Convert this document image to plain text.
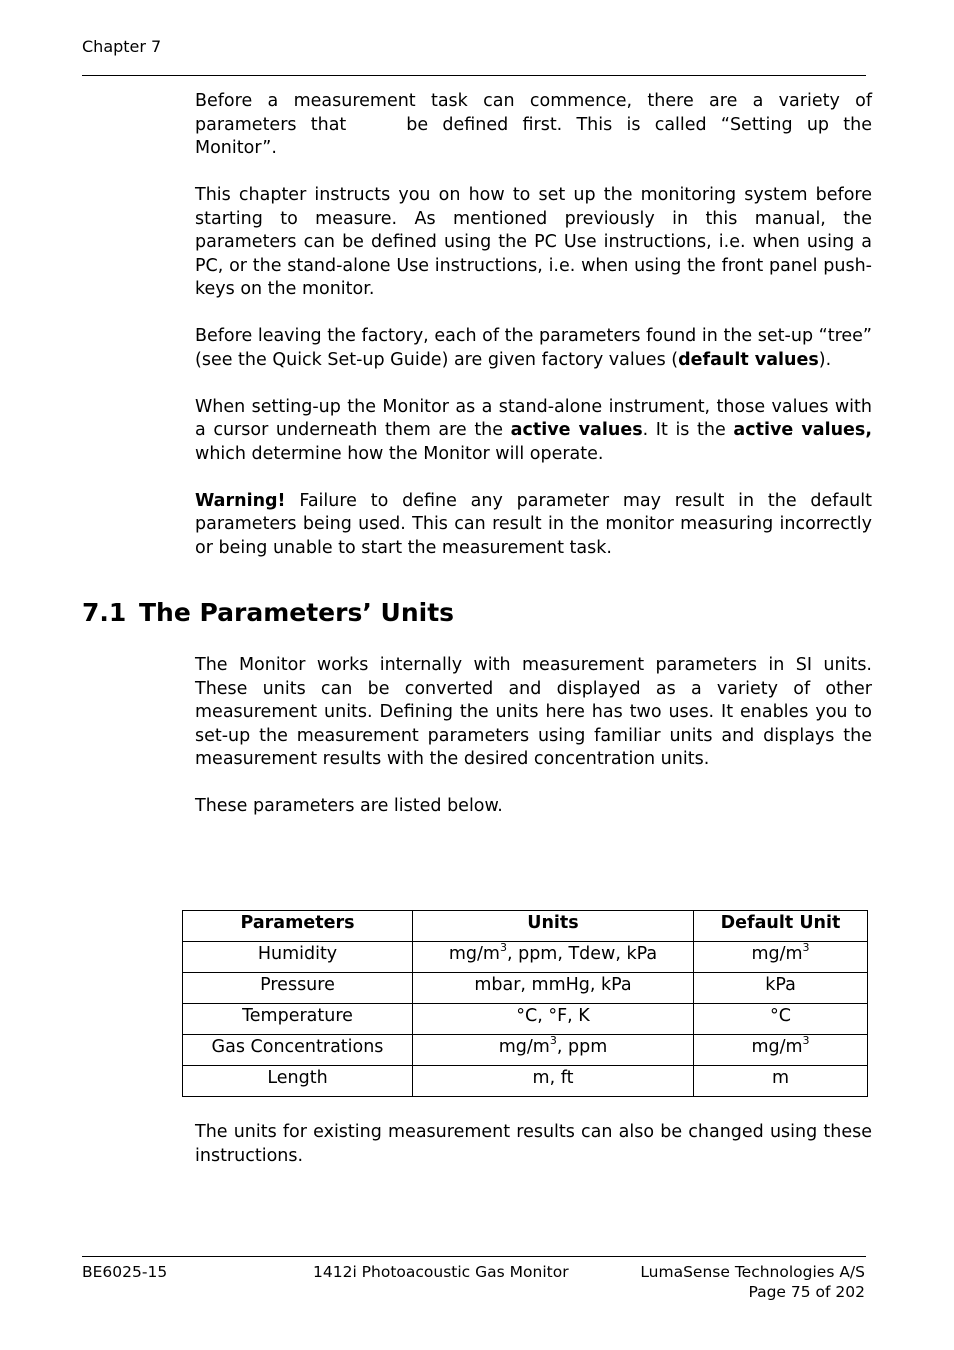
Chapter 7

Before a measurement task can commence, there are a variety of parameters that	be defined first. This is called “Setting up the Monitor”.

This chapter instructs you on how to set up the monitoring system before starting to measure. As mentioned previously in this manual, the parameters can be defined using the PC Use instructions, i.e. when using a PC, or the stand-alone Use instructions, i.e. when using the front panel push-keys on the monitor.

Before leaving the factory, each of the parameters found in the set-up “tree” (see the Quick Set-up Guide) are given factory values (default values).

When setting-up the Monitor as a stand-alone instrument, those values with a cursor underneath them are the active values. It is the active values, which determine how the Monitor will operate.

Warning! Failure to define any parameter may result in the default parameters being used. This can result in the monitor measuring incorrectly or being unable to start the measurement task.

7.1 The Parameters’ Units

The Monitor works internally with measurement parameters in SI units. These units can be converted and displayed as a variety of other measurement units. Defining the units here has two uses. It enables you to set-up the measurement parameters using familiar units and displays the measurement results with the desired concentration units.

These parameters are listed below.

Parameters	Units	Default Unit
Humidity	$mg/m^3$, ppm, Tdew, kPa	$mg/m^3$
Pressure	mbar, mmHg, kPa	kPa
Temperature	°C, °F, K	°C
Gas Concentrations	$mg/m^3$, ppm	$mg/m^3$
Length	m, ft	m

The units for existing measurement results can also be changed using these instructions.

BE6025-15	1412i Photoacoustic Gas Monitor	LumaSense Technologies A/S
Page 75 of 202
